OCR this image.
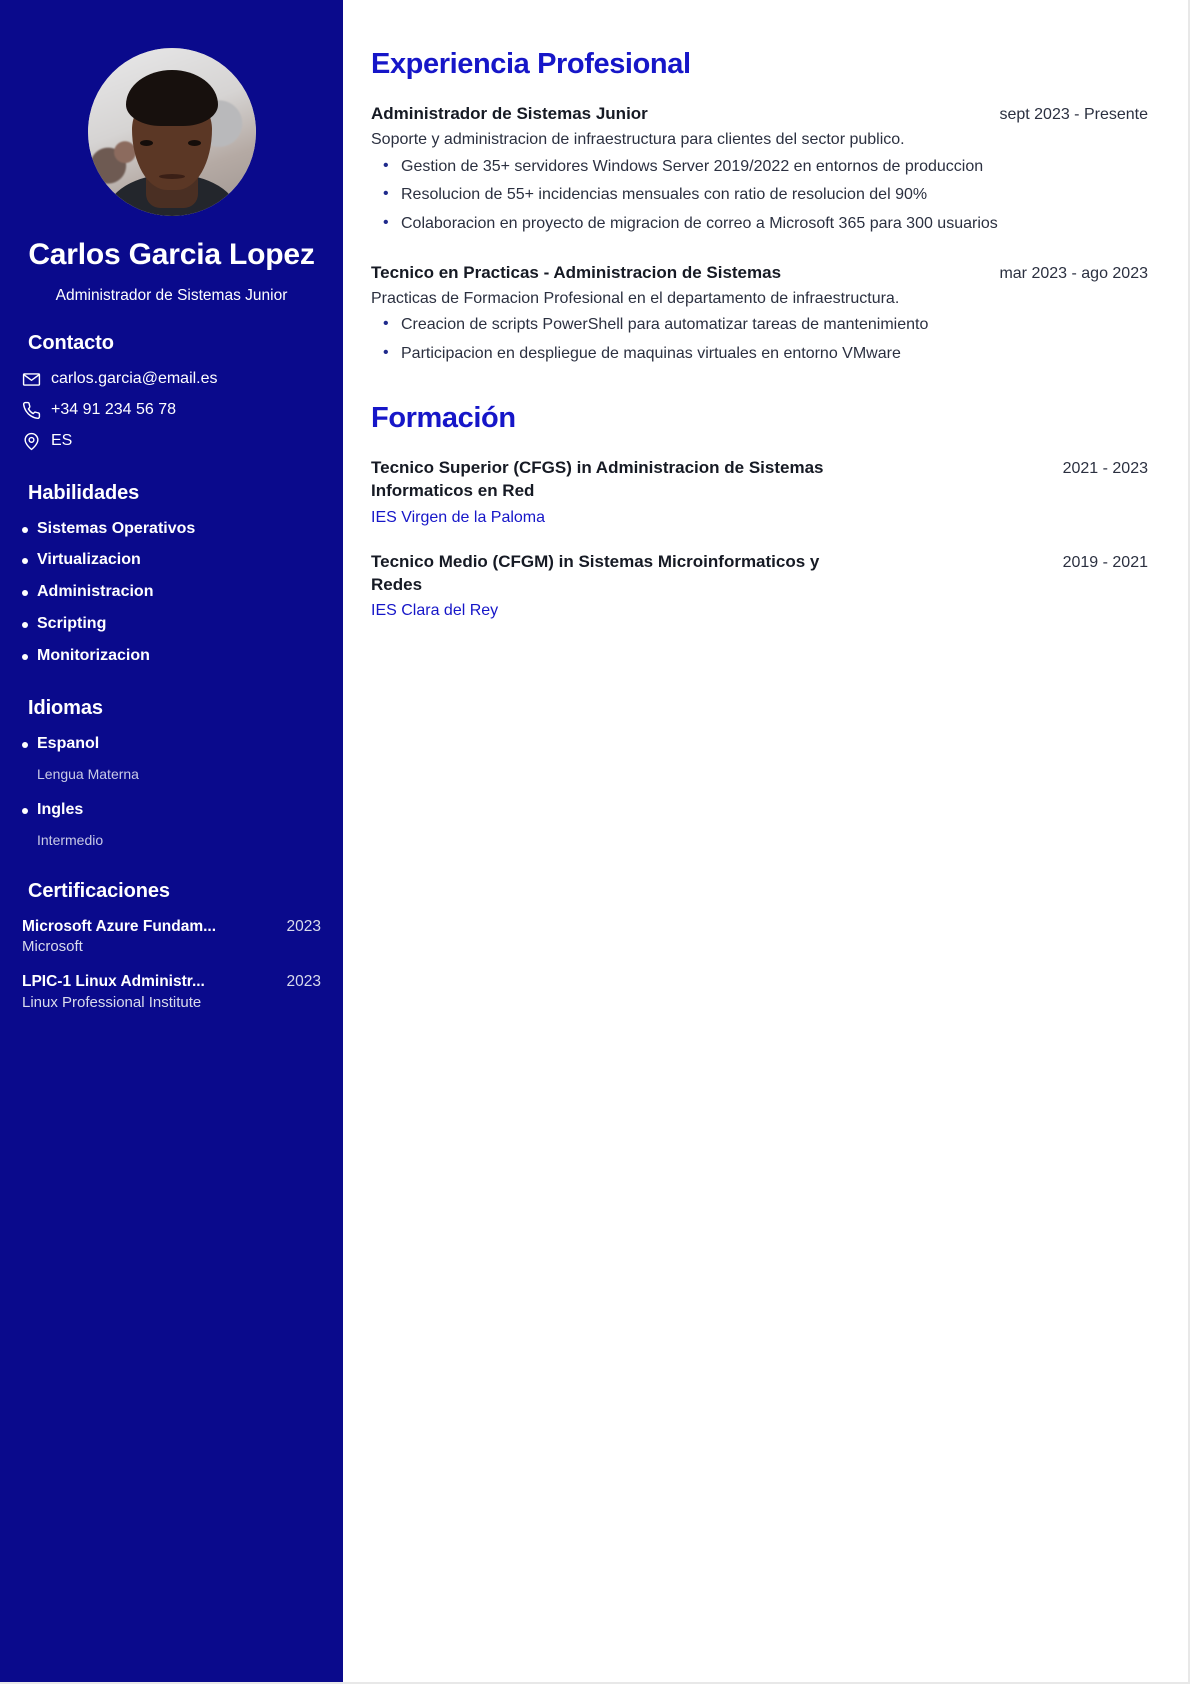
Carlos Garcia Lopez
Administrador de Sistemas Junior
Contacto
carlos.garcia@email.es
+34 91 234 56 78
ES
Habilidades
Sistemas Operativos
Virtualizacion
Administracion
Scripting
Monitorizacion
Idiomas
Espanol
Lengua Materna
Ingles
Intermedio
Certificaciones
Microsoft Azure Fundam...	2023
Microsoft
LPIC-1 Linux Administr...	2023
Linux Professional Institute
Experiencia Profesional
Administrador de Sistemas Junior	sept 2023 - Presente
Soporte y administracion de infraestructura para clientes del sector publico.
• Gestion de 35+ servidores Windows Server 2019/2022 en entornos de produccion
• Resolucion de 55+ incidencias mensuales con ratio de resolucion del 90%
• Colaboracion en proyecto de migracion de correo a Microsoft 365 para 300 usuarios
Tecnico en Practicas - Administracion de Sistemas	mar 2023 - ago 2023
Practicas de Formacion Profesional en el departamento de infraestructura.
• Creacion de scripts PowerShell para automatizar tareas de mantenimiento
• Participacion en despliegue de maquinas virtuales en entorno VMware
Formación
Tecnico Superior (CFGS) in Administracion de Sistemas Informaticos en Red
2021 - 2023
IES Virgen de la Paloma
Tecnico Medio (CFGM) in Sistemas Microinformaticos y Redes
2019 - 2021
IES Clara del Rey
